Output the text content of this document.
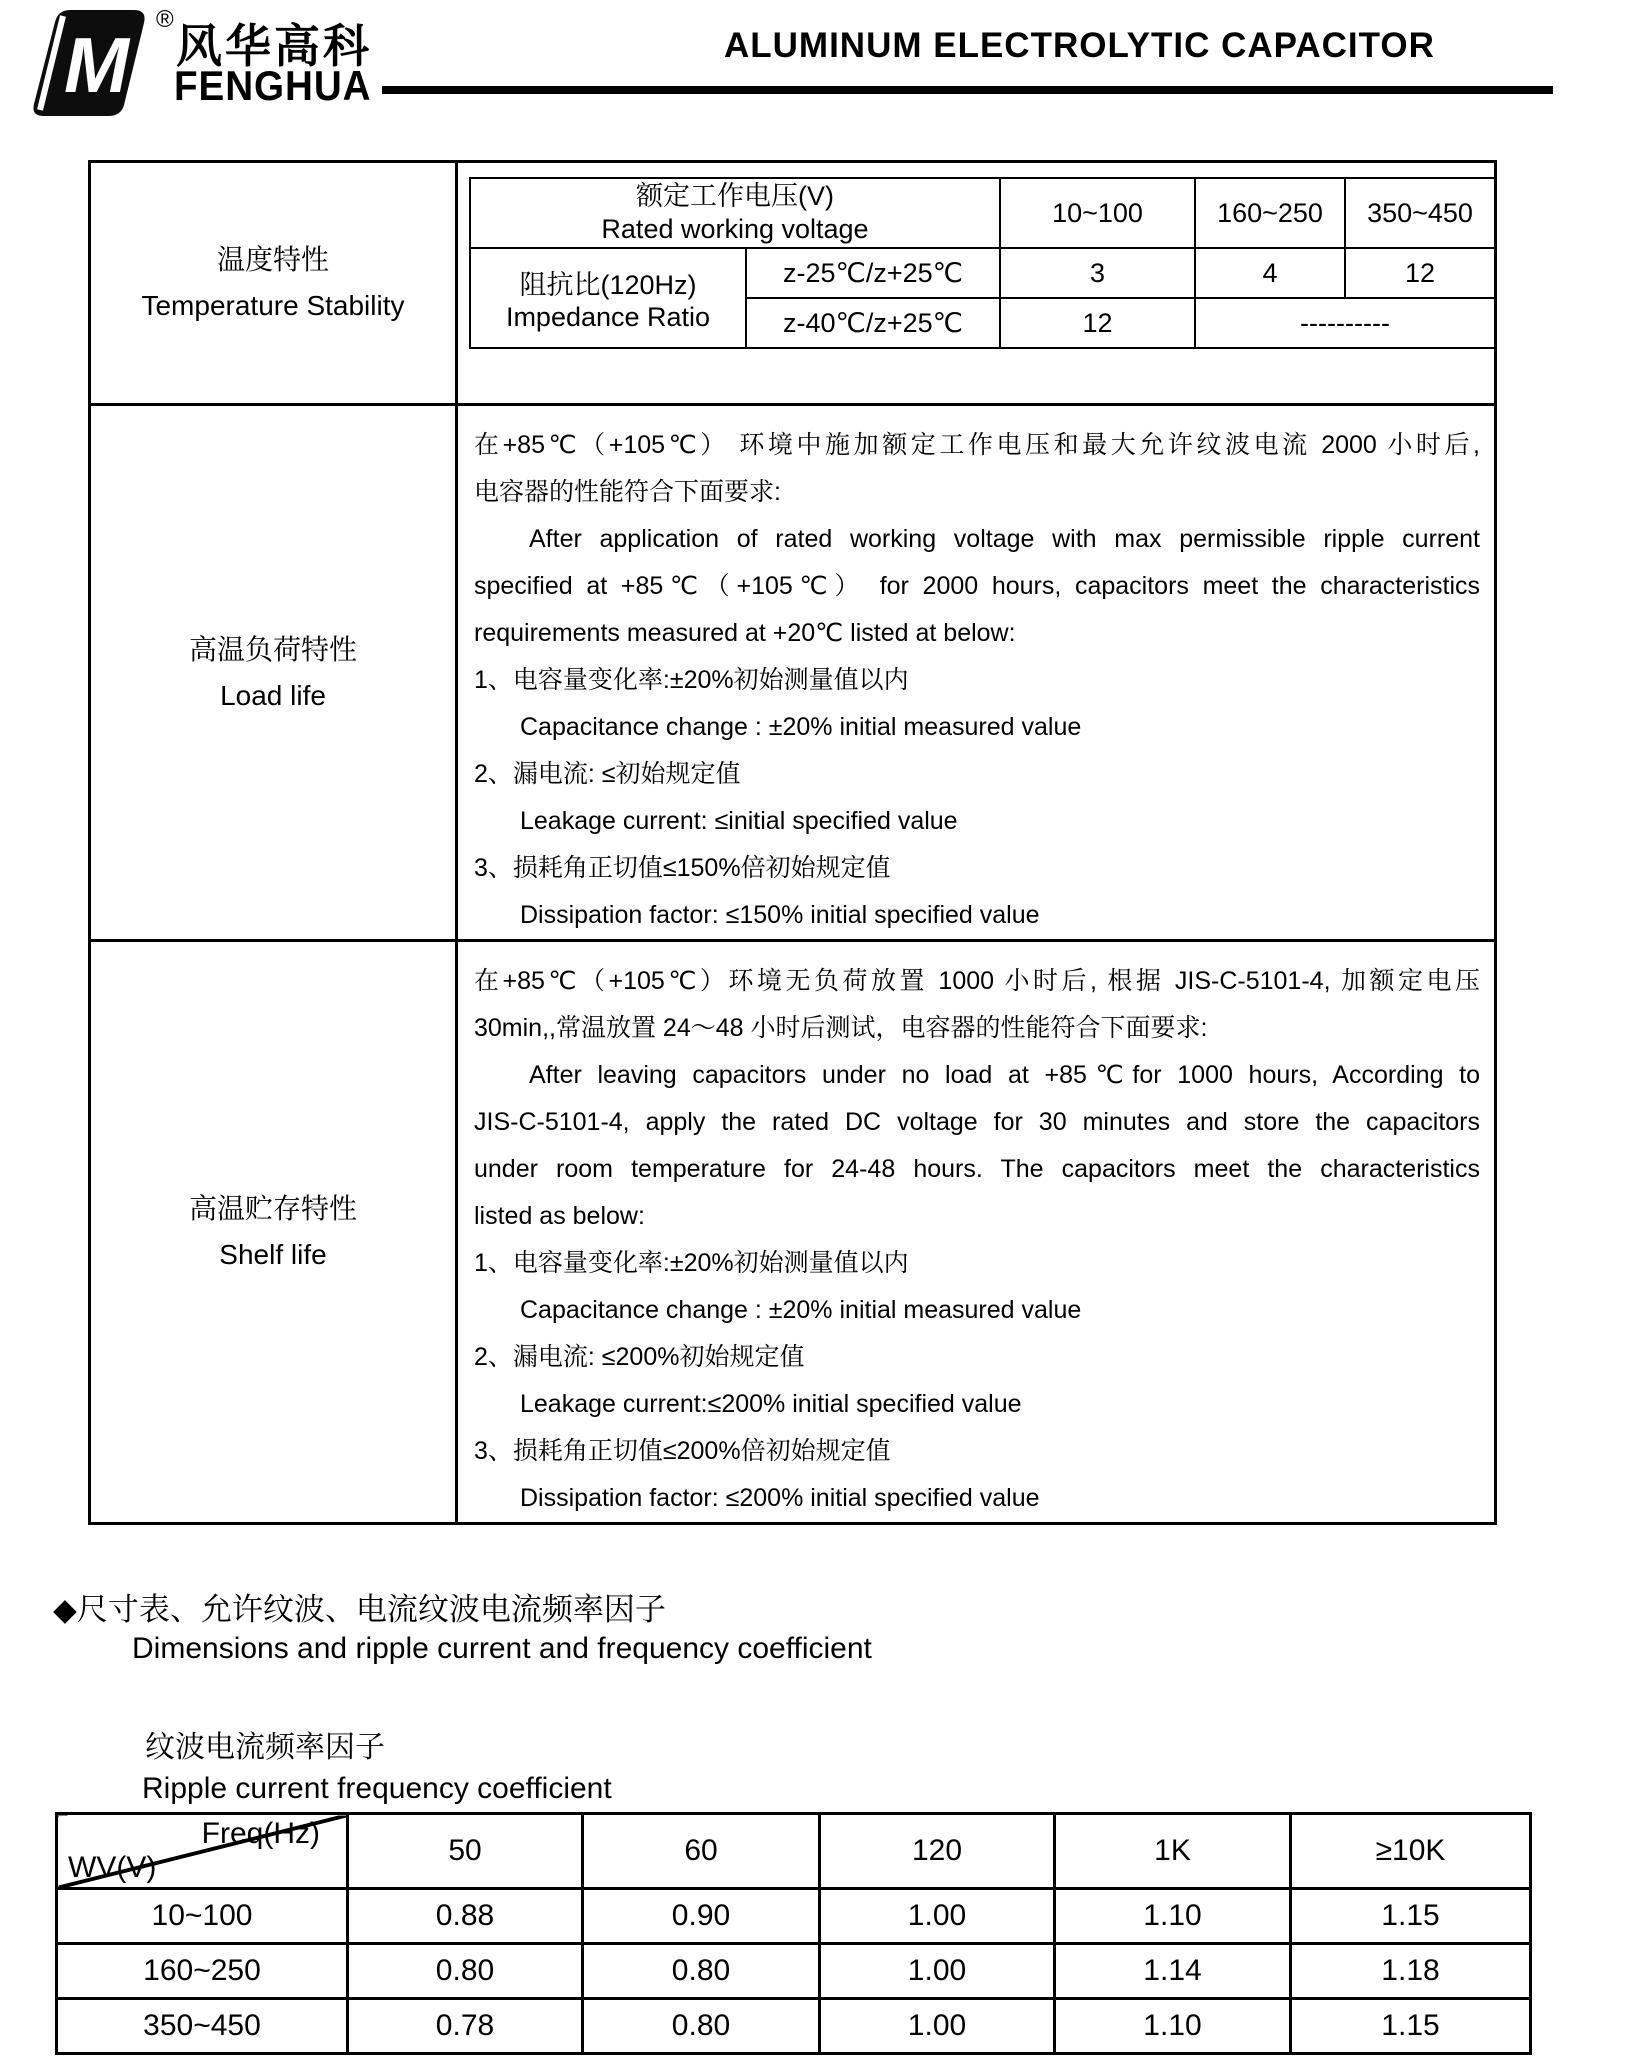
M
®
风华高科
FENGHUA
ALUMINUM ELECTROLYTIC CAPACITOR
温度特性
Temperature Stability

额定工作电压(V)
Rated working voltage
	10~100	160~250	350~450

阻抗比(120Hz)
Impedance Ratio
	z-25℃/z+25℃	3	4	12
z-40℃/z+25℃	12	----------

高温负荷特性
Load life

在+85℃（+105℃） 环境中施加额定工作电压和最大允许纹波电流 2000 小时后,
电容器的性能符合下面要求:
After application of rated working voltage with max permissible ripple current
specified at +85℃（+105℃） for 2000 hours, capacitors meet the characteristics
requirements measured at +20℃ listed at below:
1、电容量变化率:±20%初始测量值以内
Capacitance change : ±20% initial measured value
2、漏电流: ≤初始规定值
Leakage current: ≤initial specified value
3、损耗角正切值≤150%倍初始规定值
Dissipation factor: ≤150% initial specified value

高温贮存特性
Shelf life

在+85℃（+105℃）环境无负荷放置 1000 小时后, 根据 JIS-C-5101-4, 加额定电压
30min,,常温放置 24～48 小时后测试，电容器的性能符合下面要求:
After leaving capacitors under no load at +85℃for 1000 hours, According to
JIS-C-5101-4, apply the rated DC voltage for 30 minutes and store the capacitors
under room temperature for 24-48 hours. The capacitors meet the characteristics
listed as below:
1、电容量变化率:±20%初始测量值以内
Capacitance change : ±20% initial measured value
2、漏电流: ≤200%初始规定值
Leakage current:≤200% initial specified value
3、损耗角正切值≤200%倍初始规定值
Dissipation factor: ≤200% initial specified value
◆尺寸表、允许纹波、电流纹波电流频率因子
Dimensions and ripple current and frequency coefficient
纹波电流频率因子
Ripple current frequency coefficient
Freq(Hz)
WV(V)	50	60	120	1K	≥10K
10~100	0.88	0.90	1.00	1.10	1.15
160~250	0.80	0.80	1.00	1.14	1.18
350~450	0.78	0.80	1.00	1.10	1.15
